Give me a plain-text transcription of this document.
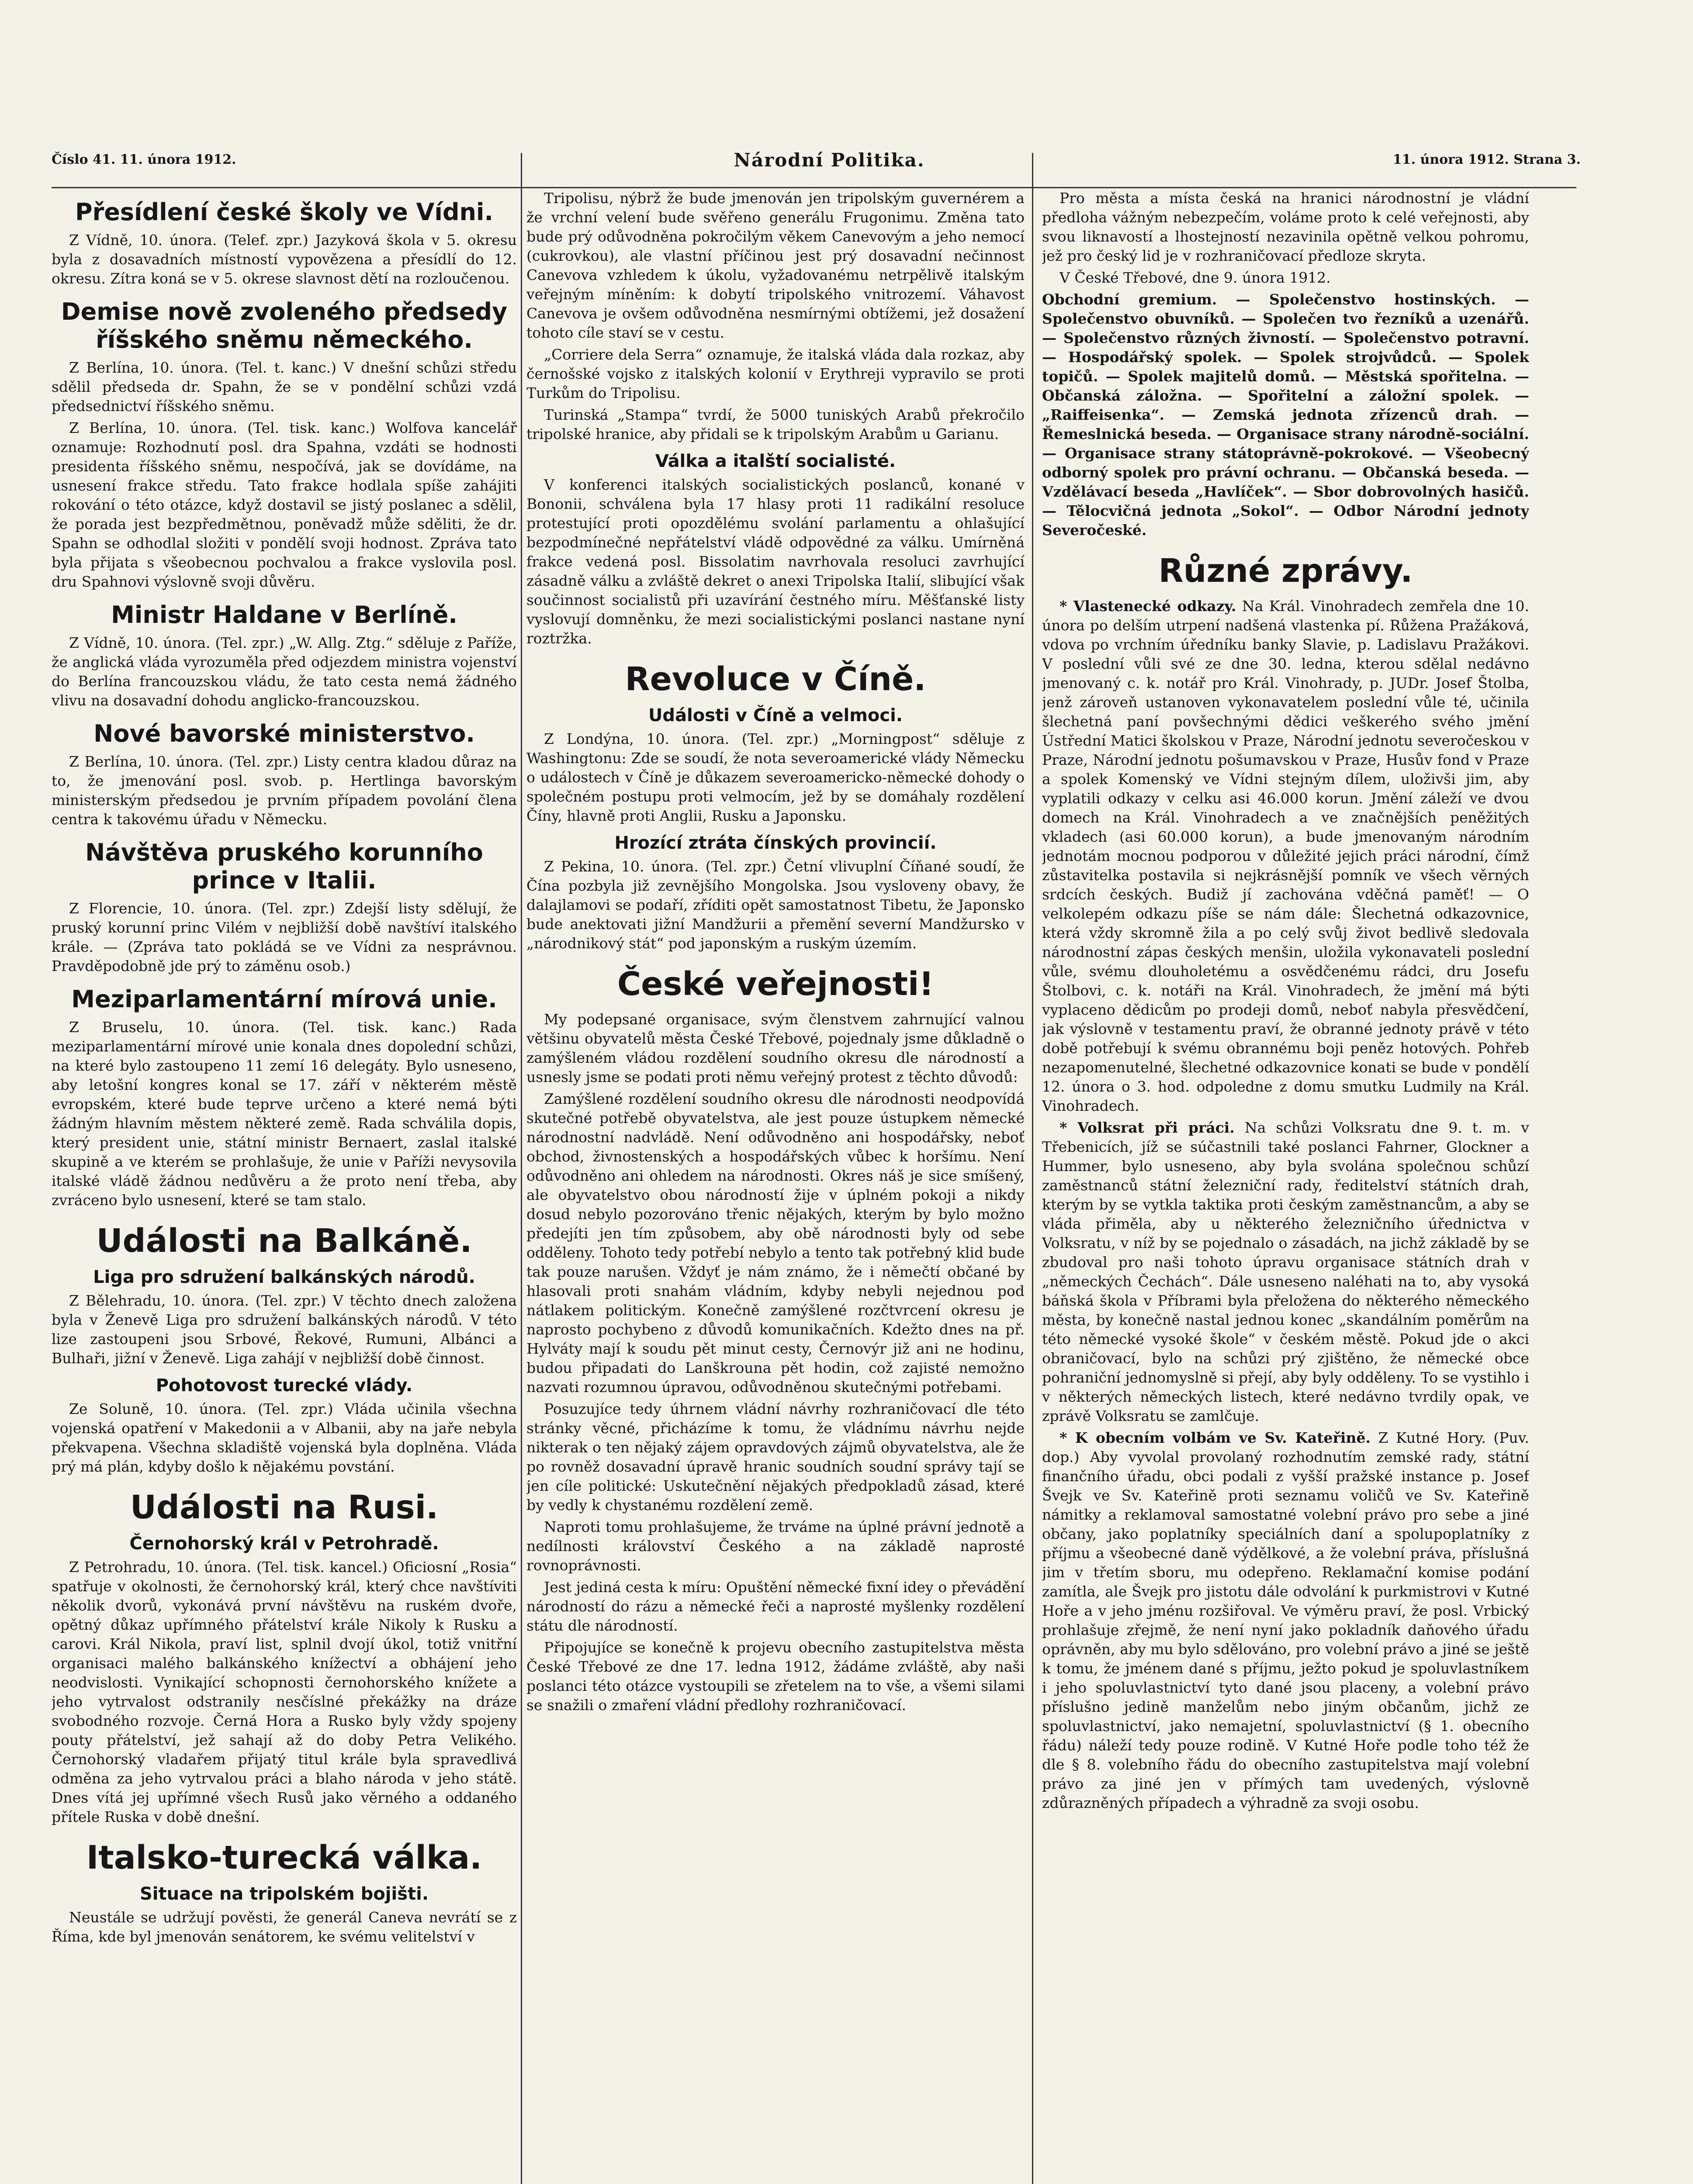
Číslo 41. 11. února 1912.	Národní Politika.	11. února 1912. Strana 3.
Přesídlení české školy ve Vídni.

Z Vídně, 10. února. (Telef. zpr.) Jazyková škola v 5. okresu byla z dosavadních místností vypovězena a přesídlí do 12. okresu. Zítra koná se v 5. okrese slavnost dětí na rozloučenou.

Demise nově zvoleného předsedy říšského sněmu německého.

Z Berlína, 10. února. (Tel. t. kanc.) V dnešní schůzi středu sdělil předseda dr. Spahn, že se v pondělní schůzi vzdá předsednictví říšského sněmu.

Z Berlína, 10. února. (Tel. tisk. kanc.) Wolfova kancelář oznamuje: Rozhodnutí posl. dra Spahna, vzdáti se hodnosti presidenta říšského sněmu, nespočívá, jak se dovídáme, na usnesení frakce středu. Tato frakce hodlala spíše zahájiti rokování o této otázce, když dostavil se jistý poslanec a sdělil, že porada jest bezpředmětnou, poněvadž může sděliti, že dr. Spahn se odhodlal složiti v pondělí svoji hodnost. Zpráva tato byla přijata s všeobecnou pochvalou a frakce vyslovila posl. dru Spahnovi výslovně svoji důvěru.

Ministr Haldane v Berlíně.

Z Vídně, 10. února. (Tel. zpr.) „W. Allg. Ztg.“ sděluje z Paříže, že anglická vláda vyrozuměla před odjezdem ministra vojenství do Berlína francouzskou vládu, že tato cesta nemá žádného vlivu na dosavadní dohodu anglicko-francouzskou.

Nové bavorské ministerstvo.

Z Berlína, 10. února. (Tel. zpr.) Listy centra kladou důraz na to, že jmenování posl. svob. p. Hertlinga bavorským ministerským předsedou je prvním případem povolání člena centra k takovému úřadu v Německu.

Návštěva pruského korunního prince v Italii.

Z Florencie, 10. února. (Tel. zpr.) Zdejší listy sdělují, že pruský korunní princ Vilém v nejbližší době navštíví italského krále. — (Zpráva tato pokládá se ve Vídni za nesprávnou. Pravděpodobně jde prý to záměnu osob.)

Meziparlamentární mírová unie.

Z Bruselu, 10. února. (Tel. tisk. kanc.) Rada meziparlamentární mírové unie konala dnes dopolední schůzi, na které bylo zastoupeno 11 zemí 16 delegáty. Bylo usneseno, aby letošní kongres konal se 17. září v některém městě evropském, které bude teprve určeno a které nemá býti žádným hlavním městem některé země. Rada schválila dopis, který president unie, státní ministr Bernaert, zaslal italské skupině a ve kterém se prohlašuje, že unie v Paříži nevysovila italské vládě žádnou nedůvěru a že proto není třeba, aby zvráceno bylo usnesení, které se tam stalo.

Události na Balkáně.
Liga pro sdružení balkánských národů.

Z Bělehradu, 10. února. (Tel. zpr.) V těchto dnech založena byla v Ženevě Liga pro sdružení balkánských národů. V této lize zastoupeni jsou Srbové, Řekové, Rumuni, Albánci a Bulhaři, jižní v Ženevě. Liga zahájí v nejbližší době činnost.

Pohotovost turecké vlády.

Ze Soluně, 10. února. (Tel. zpr.) Vláda učinila všechna vojenská opatření v Makedonii a v Albanii, aby na jaře nebyla překvapena. Všechna skladiště vojenská byla doplněna. Vláda prý má plán, kdyby došlo k nějakému povstání.

Události na Rusi.
Černohorský král v Petrohradě.

Z Petrohradu, 10. února. (Tel. tisk. kancel.) Oficiosní „Rosia“ spatřuje v okolnosti, že černohorský král, který chce navštíviti několik dvorů, vykonává první návštěvu na ruském dvoře, opětný důkaz upřímného přátelství krále Nikoly k Rusku a carovi. Král Nikola, praví list, splnil dvojí úkol, totiž vnitřní organisaci malého balkánského knížectví a obhájení jeho neodvislosti. Vynikající schopnosti černohorského knížete a jeho vytrvalost odstranily nesčíslné překážky na dráze svobodného rozvoje. Černá Hora a Rusko byly vždy spojeny pouty přátelství, jež sahají až do doby Petra Velikého. Černohorský vladařem přijatý titul krále byla spravedlivá odměna za jeho vytrvalou práci a blaho národa v jeho státě. Dnes vítá jej upřímné všech Rusů jako věrného a oddaného přítele Ruska v době dnešní.

Italsko-turecká válka.
Situace na tripolském bojišti.

Neustále se udržují pověsti, že generál Caneva nevrátí se z Říma, kde byl jmenován senátorem, ke svému velitelství v

Tripolisu, nýbrž že bude jmenován jen tripolským guvernérem a že vrchní velení bude svěřeno generálu Frugonimu. Změna tato bude prý odůvodněna pokročilým věkem Canevovým a jeho nemocí (cukrovkou), ale vlastní příčinou jest prý dosavadní nečinnost Canevova vzhledem k úkolu, vyžadovanému netrpělivě italským veřejným míněním: k dobytí tripolského vnitrozemí. Váhavost Canevova je ovšem odůvodněna nesmírnými obtížemi, jež dosažení tohoto cíle staví se v cestu.

„Corriere dela Serra“ oznamuje, že italská vláda dala rozkaz, aby černošské vojsko z italských kolonií v Erythreji vypravilo se proti Turkům do Tripolisu.

Turinská „Stampa“ tvrdí, že 5000 tuniských Arabů překročilo tripolské hranice, aby přidali se k tripolským Arabům u Garianu.

Válka a italští socialisté.

V konferenci italských socialistických poslanců, konané v Bononii, schválena byla 17 hlasy proti 11 radikální resoluce protestující proti opozdělému svolání parlamentu a ohlašující bezpodmínečné nepřátelství vládě odpovědné za válku. Umírněná frakce vedená posl. Bissolatim navrhovala resoluci zavrhující zásadně válku a zvláště dekret o anexi Tripolska Italií, slibující však součinnost socialistů při uzavírání čestného míru. Měšťanské listy vyslovují domněnku, že mezi socialistickými poslanci nastane nyní roztržka.

Revoluce v Číně.
Události v Číně a velmoci.

Z Londýna, 10. února. (Tel. zpr.) „Morningpost“ sděluje z Washingtonu: Zde se soudí, že nota severoamerické vlády Německu o událostech v Číně je důkazem severoamericko-německé dohody o společném postupu proti velmocím, jež by se domáhaly rozdělení Číny, hlavně proti Anglii, Rusku a Japonsku.

Hrozící ztráta čínských provincií.

Z Pekina, 10. února. (Tel. zpr.) Četní vlivuplní Číňané soudí, že Čína pozbyla již zevnějšího Mongolska. Jsou vysloveny obavy, že dalajlamovi se podaří, zříditi opět samostatnost Tibetu, že Japonsko bude anektovati jižní Mandžurii a přemění severní Mandžursko v „národnikový stát“ pod japonským a ruským územím.

České veřejnosti!

My podepsané organisace, svým členstvem zahrnující valnou většinu obyvatelů města České Třebové, pojednaly jsme důkladně o zamýšleném vládou rozdělení soudního okresu dle národností a usnesly jsme se podati proti němu veřejný protest z těchto důvodů:

Zamýšlené rozdělení soudního okresu dle národnosti neodpovídá skutečné potřebě obyvatelstva, ale jest pouze ústupkem německé národnostní nadvládě. Není odůvodněno ani hospodářsky, neboť obchod, živnostenských a hospodářských vůbec k horšímu. Není odůvodněno ani ohledem na národnosti. Okres náš je sice smíšený, ale obyvatelstvo obou národností žije v úplném pokoji a nikdy dosud nebylo pozorováno třenic nějakých, kterým by bylo možno předejíti jen tím způsobem, aby obě národnosti byly od sebe odděleny. Tohoto tedy potřebí nebylo a tento tak potřebný klid bude tak pouze narušen. Vždyť je nám známo, že i němečtí občané by hlasovali proti snahám vládním, kdyby nebyli nejednou pod nátlakem politickým. Konečně zamýšlené rozčtvrcení okresu je naprosto pochybeno z důvodů komunikačních. Kdežto dnes na př. Hylváty mají k soudu pět minut cesty, Černovýr již ani ne hodinu, budou připadati do Lanškrouna pět hodin, což zajisté nemožno nazvati rozumnou úpravou, odůvodněnou skutečnými potřebami.

Posuzujíce tedy úhrnem vládní návrhy rozhraničovací dle této stránky věcné, přicházíme k tomu, že vládnímu návrhu nejde nikterak o ten nějaký zájem opravdových zájmů obyvatelstva, ale že po rovněž dosavadní úpravě hranic soudních soudní správy tají se jen cíle politické: Uskutečnění nějakých předpokladů zásad, které by vedly k chystanému rozdělení země.

Naproti tomu prohlašujeme, že trváme na úplné právní jednotě a nedílnosti království Českého a na základě naprosté rovnoprávnosti.

Jest jediná cesta k míru: Opuštění německé fixní idey o převádění národností do rázu a německé řeči a naprosté myšlenky rozdělení státu dle národností.

Připojujíce se konečně k projevu obecního zastupitelstva města České Třebové ze dne 17. ledna 1912, žádáme zvláště, aby naši poslanci této otázce vystoupili se zřetelem na to vše, a všemi silami se snažili o zmaření vládní předlohy rozhraničovací.

Pro města a místa česká na hranici národnostní je vládní předloha vážným nebezpečím, voláme proto k celé veřejnosti, aby svou liknavostí a lhostejností nezavinila opětně velkou pohromu, jež pro český lid je v rozhraničovací předloze skryta.

V České Třebové, dne 9. února 1912.

Obchodní gremium. — Společenstvo hostinských. — Společenstvo obuvníků. — Společen tvo řezníků a uzenářů. — Společenstvo různých živností. — Společenstvo potravní. — Hospodářský spolek. — Spolek strojvůdců. — Spolek topičů. — Spolek majitelů domů. — Městská spořitelna. — Občanská záložna. — Spořitelní a záložní spolek. — „Raiffeisenka“. — Zemská jednota zřízenců drah. — Řemeslnická beseda. — Organisace strany národně-sociální. — Organisace strany státoprávně-pokrokové. — Všeobecný odborný spolek pro právní ochranu. — Občanská beseda. — Vzdělávací beseda „Havlíček“. — Sbor dobrovolných hasičů. — Tělocvičná jednota „Sokol“. — Odbor Národní jednoty Severočeské.

Různé zprávy.

* Vlastenecké odkazy. Na Král. Vinohradech zemřela dne 10. února po delším utrpení nadšená vlastenka pí. Růžena Pražáková, vdova po vrchním úředníku banky Slavie, p. Ladislavu Pražákovi. V poslední vůli své ze dne 30. ledna, kterou sdělal nedávno jmenovaný c. k. notář pro Král. Vinohrady, p. JUDr. Josef Štolba, jenž zároveň ustanoven vykonavatelem poslední vůle té, učinila šlechetná paní povšechnými dědici veškerého svého jmění Ústřední Matici školskou v Praze, Národní jednotu severočeskou v Praze, Národní jednotu pošumavskou v Praze, Husův fond v Praze a spolek Komenský ve Vídni stejným dílem, uloživši jim, aby vyplatili odkazy v celku asi 46.000 korun. Jmění záleží ve dvou domech na Král. Vinohradech a ve značnějších peněžitých vkladech (asi 60.000 korun), a bude jmenovaným národním jednotám mocnou podporou v důležité jejich práci národní, čímž zůstavitelka postavila si nejkrásnější pomník ve všech věrných srdcích českých. Budiž jí zachována vděčná paměť! — O velkolepém odkazu píše se nám dále: Šlechetná odkazovnice, která vždy skromně žila a po celý svůj život bedlivě sledovala národnostní zápas českých menšin, uložila vykonavateli poslední vůle, svému dlouholetému a osvědčenému rádci, dru Josefu Štolbovi, c. k. notáři na Král. Vinohradech, že jmění má býti vyplaceno dědicům po prodeji domů, neboť nabyla přesvědčení, jak výslovně v testamentu praví, že obranné jednoty právě v této době potřebují k svému obrannému boji peněz hotových. Pohřeb nezapomenutelné, šlechetné odkazovnice konati se bude v pondělí 12. února o 3. hod. odpoledne z domu smutku Ludmily na Král. Vinohradech.

* Volksrat při práci. Na schůzi Volksratu dne 9. t. m. v Třebenicích, jíž se súčastnili také poslanci Fahrner, Glockner a Hummer, bylo usneseno, aby byla svolána společnou schůzí zaměstnanců státní železniční rady, ředitelství státních drah, kterým by se vytkla taktika proti českým zaměstnancům, a aby se vláda přiměla, aby u některého železničního úřednictva v Volksratu, v níž by se pojednalo o zásadách, na jichž základě by se zbudoval pro naši tohoto úpravu organisace státních drah v „německých Čechách“. Dále usneseno naléhati na to, aby vysoká báňská škola v Příbrami byla přeložena do některého německého města, by konečně nastal jednou konec „skandálním poměrům na této německé vysoké škole“ v českém městě. Pokud jde o akci obraničovací, bylo na schůzi prý zjištěno, že německé obce pohraniční jednomyslně si přejí, aby byly odděleny. To se vystihlo i v některých německých listech, které nedávno tvrdily opak, ve zprávě Volksratu se zamlčuje.

* K obecním volbám ve Sv. Kateřině. Z Kutné Hory. (Puv. dop.) Aby vyvolal provolaný rozhodnutím zemské rady, státní finančního úřadu, obci podali z vyšší pražské instance p. Josef Švejk ve Sv. Kateřině proti seznamu voličů ve Sv. Kateřině námitky a reklamoval samostatné volební právo pro sebe a jiné občany, jako poplatníky speciálních daní a spolupoplatníky z příjmu a všeobecné daně výdělkové, a že volební práva, příslušná jim v třetím sboru, mu odepřeno. Reklamační komise podání zamítla, ale Švejk pro jistotu dále odvolání k purkmistrovi v Kutné Hoře a v jeho jménu rozšiřoval. Ve výměru praví, že posl. Vrbický prohlašuje zřejmě, že není nyní jako pokladník daňového úřadu oprávněn, aby mu bylo sdělováno, pro volební právo a jiné se ještě k tomu, že jménem dané s příjmu, ježto pokud je spoluvlastníkem i jeho spoluvlastnictví tyto dané jsou placeny, a volební právo příslušno jedině manželům nebo jiným občanům, jichž ze spoluvlastnictví, jako nemajetní, spoluvlastnictví (§ 1. obecního řádu) náleží tedy pouze rodině. V Kutné Hoře podle toho též že dle § 8. volebního řádu do obecního zastupitelstva mají volební právo za jiné jen v přímých tam uvedených, výslovně zdůrazněných případech a výhradně za svoji osobu.
